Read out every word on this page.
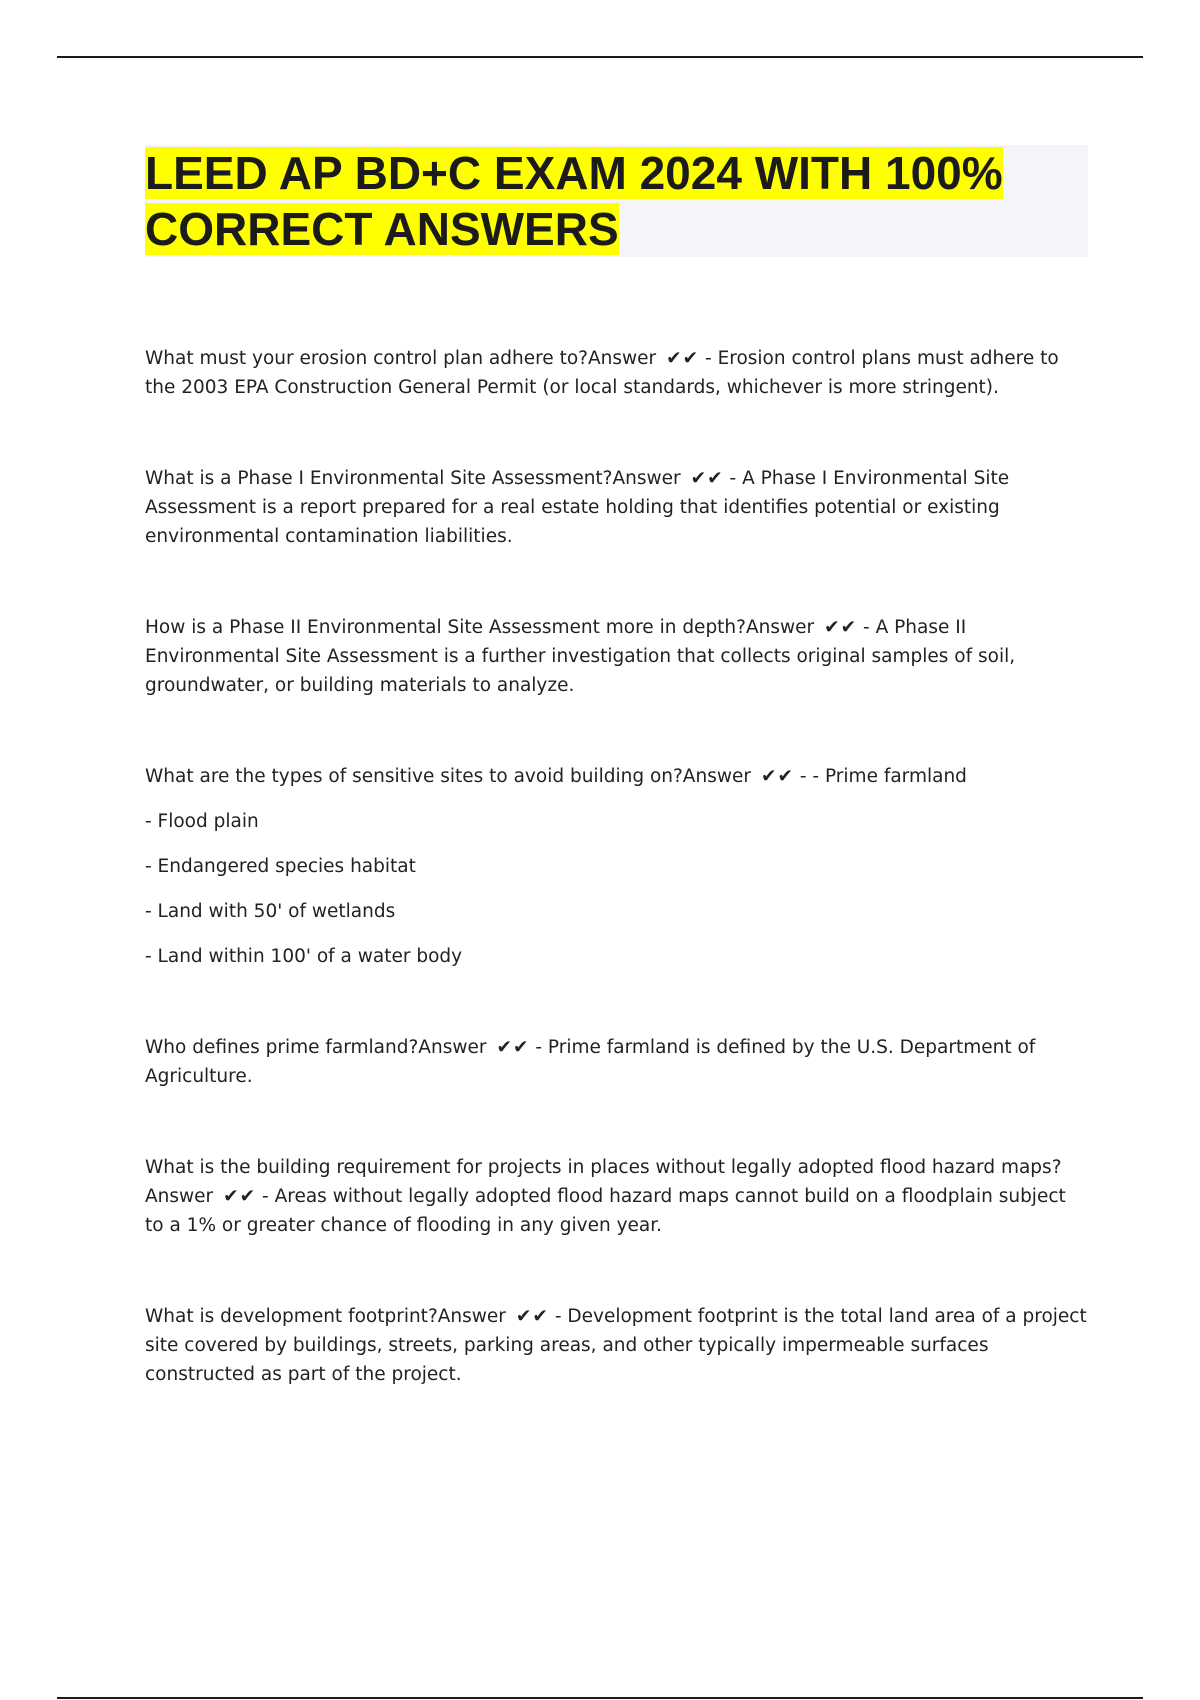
LEED AP BD+C EXAM 2024 WITH 100%
CORRECT ANSWERS

What must your erosion control plan adhere to?Answer ✔✔ - Erosion control plans must adhere to the 2003 EPA Construction General Permit (or local standards, whichever is more stringent).

What is a Phase I Environmental Site Assessment?Answer ✔✔ - A Phase I Environmental Site Assessment is a report prepared for a real estate holding that identifies potential or existing environmental contamination liabilities.

How is a Phase II Environmental Site Assessment more in depth?Answer ✔✔ - A Phase II Environmental Site Assessment is a further investigation that collects original samples of soil, groundwater, or building materials to analyze.

What are the types of sensitive sites to avoid building on?Answer ✔✔ - - Prime farmland

- Flood plain

- Endangered species habitat

- Land with 50' of wetlands

- Land within 100' of a water body

Who defines prime farmland?Answer ✔✔ - Prime farmland is defined by the U.S. Department of Agriculture.

What is the building requirement for projects in places without legally adopted flood hazard maps? Answer ✔✔ - Areas without legally adopted flood hazard maps cannot build on a floodplain subject to a 1% or greater chance of flooding in any given year.

What is development footprint?Answer ✔✔ - Development footprint is the total land area of a project site covered by buildings, streets, parking areas, and other typically impermeable surfaces constructed as part of the project.
